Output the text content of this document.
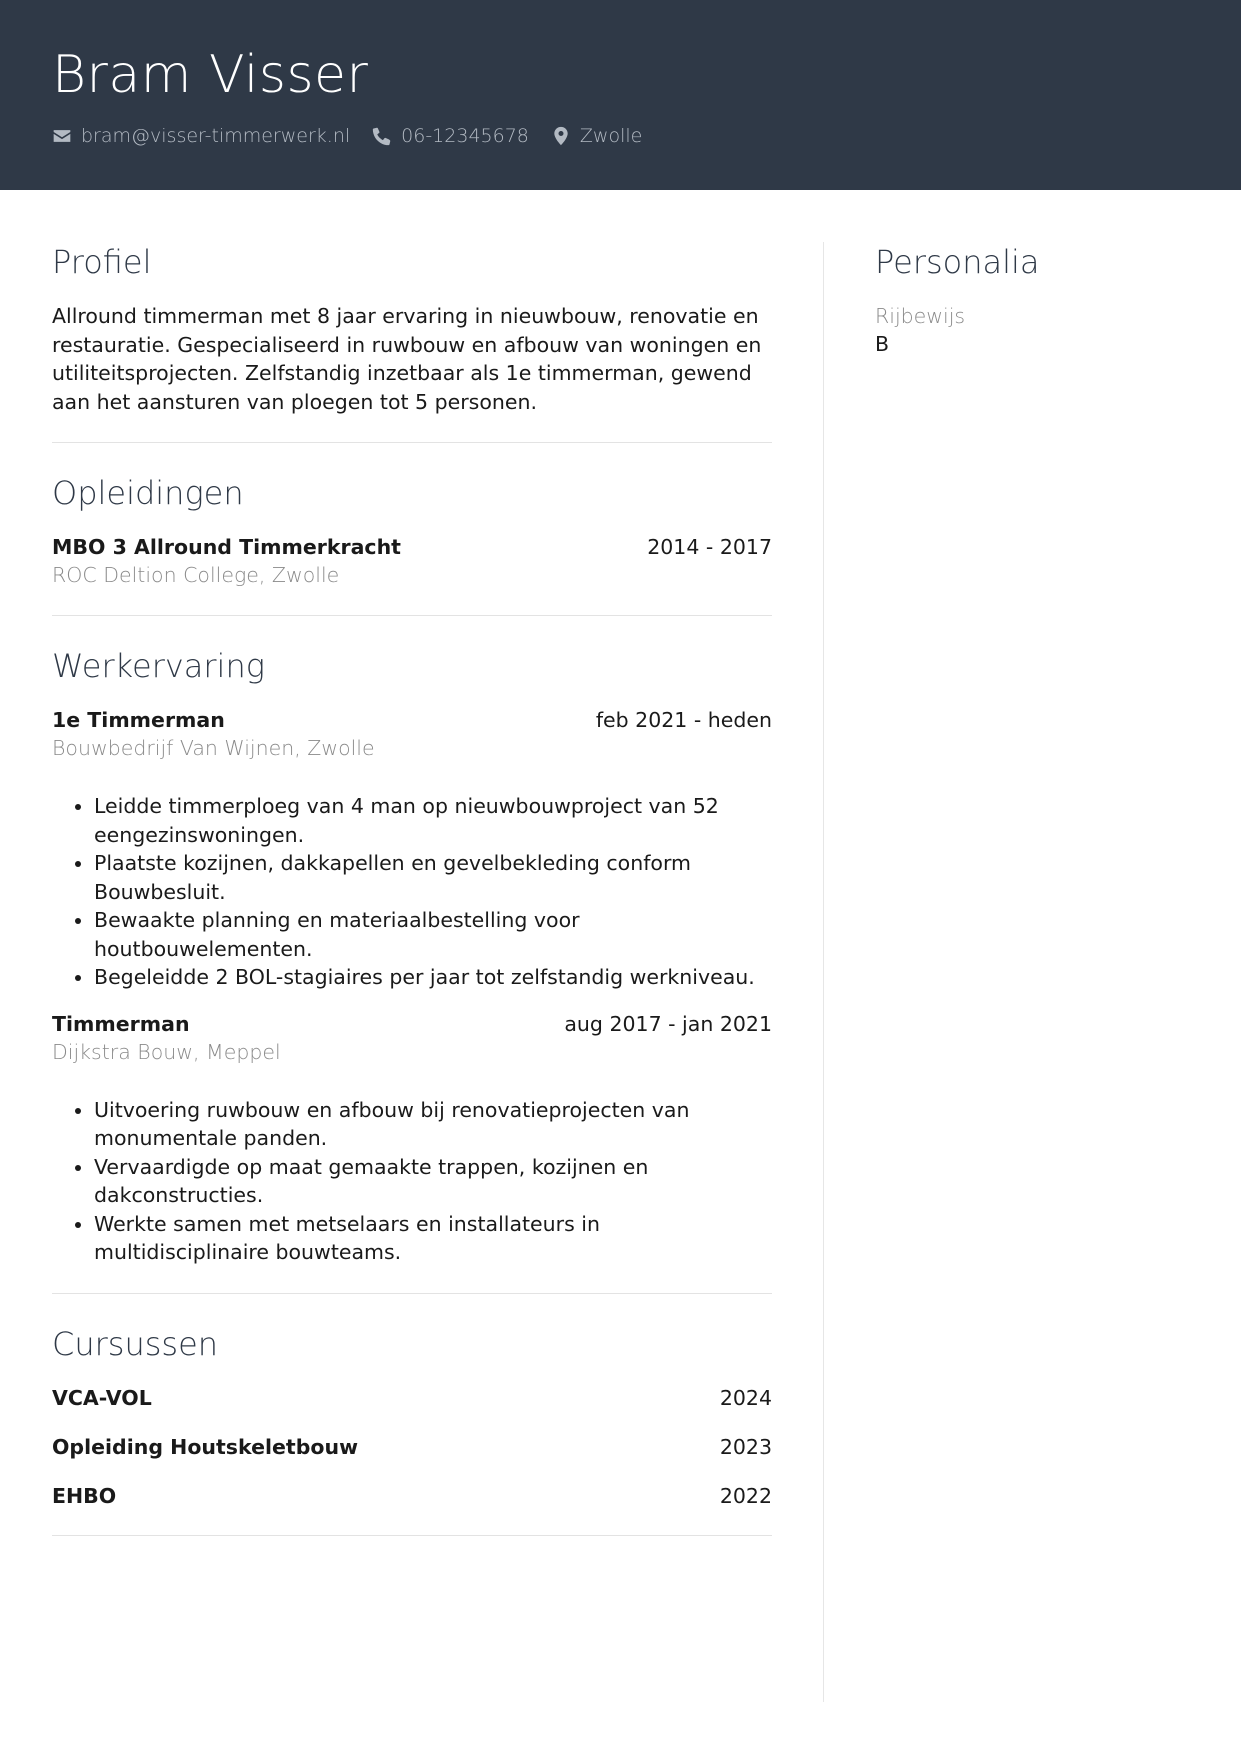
Bram Visser
bram@visser-timmerwerk.nl	06-12345678	Zwolle
Profiel

Allround timmerman met 8 jaar ervaring in nieuwbouw, renovatie en restauratie. Gespecialiseerd in ruwbouw en afbouw van woningen en utiliteitsprojecten. Zelfstandig inzetbaar als 1e timmerman, gewend aan het aansturen van ploegen tot 5 personen.

Opleidingen
MBO 3 Allround Timmerkracht	2014 - 2017
ROC Deltion College, Zwolle
Werkervaring
1e Timmerman	feb 2021 - heden
Bouwbedrijf Van Wijnen, Zwolle
• Leidde timmerploeg van 4 man op nieuwbouwproject van 52 eengezinswoningen.
• Plaatste kozijnen, dakkapellen en gevelbekleding conform Bouwbesluit.
• Bewaakte planning en materiaalbestelling voor houtbouwelementen.
• Begeleidde 2 BOL-stagiaires per jaar tot zelfstandig werkniveau.
Timmerman	aug 2017 - jan 2021
Dijkstra Bouw, Meppel
• Uitvoering ruwbouw en afbouw bij renovatieprojecten van monumentale panden.
• Vervaardigde op maat gemaakte trappen, kozijnen en dakconstructies.
• Werkte samen met metselaars en installateurs in multidisciplinaire bouwteams.
Cursussen
VCA-VOL	2024
Opleiding Houtskeletbouw	2023
EHBO	2022
Personalia
Rijbewijs
B
